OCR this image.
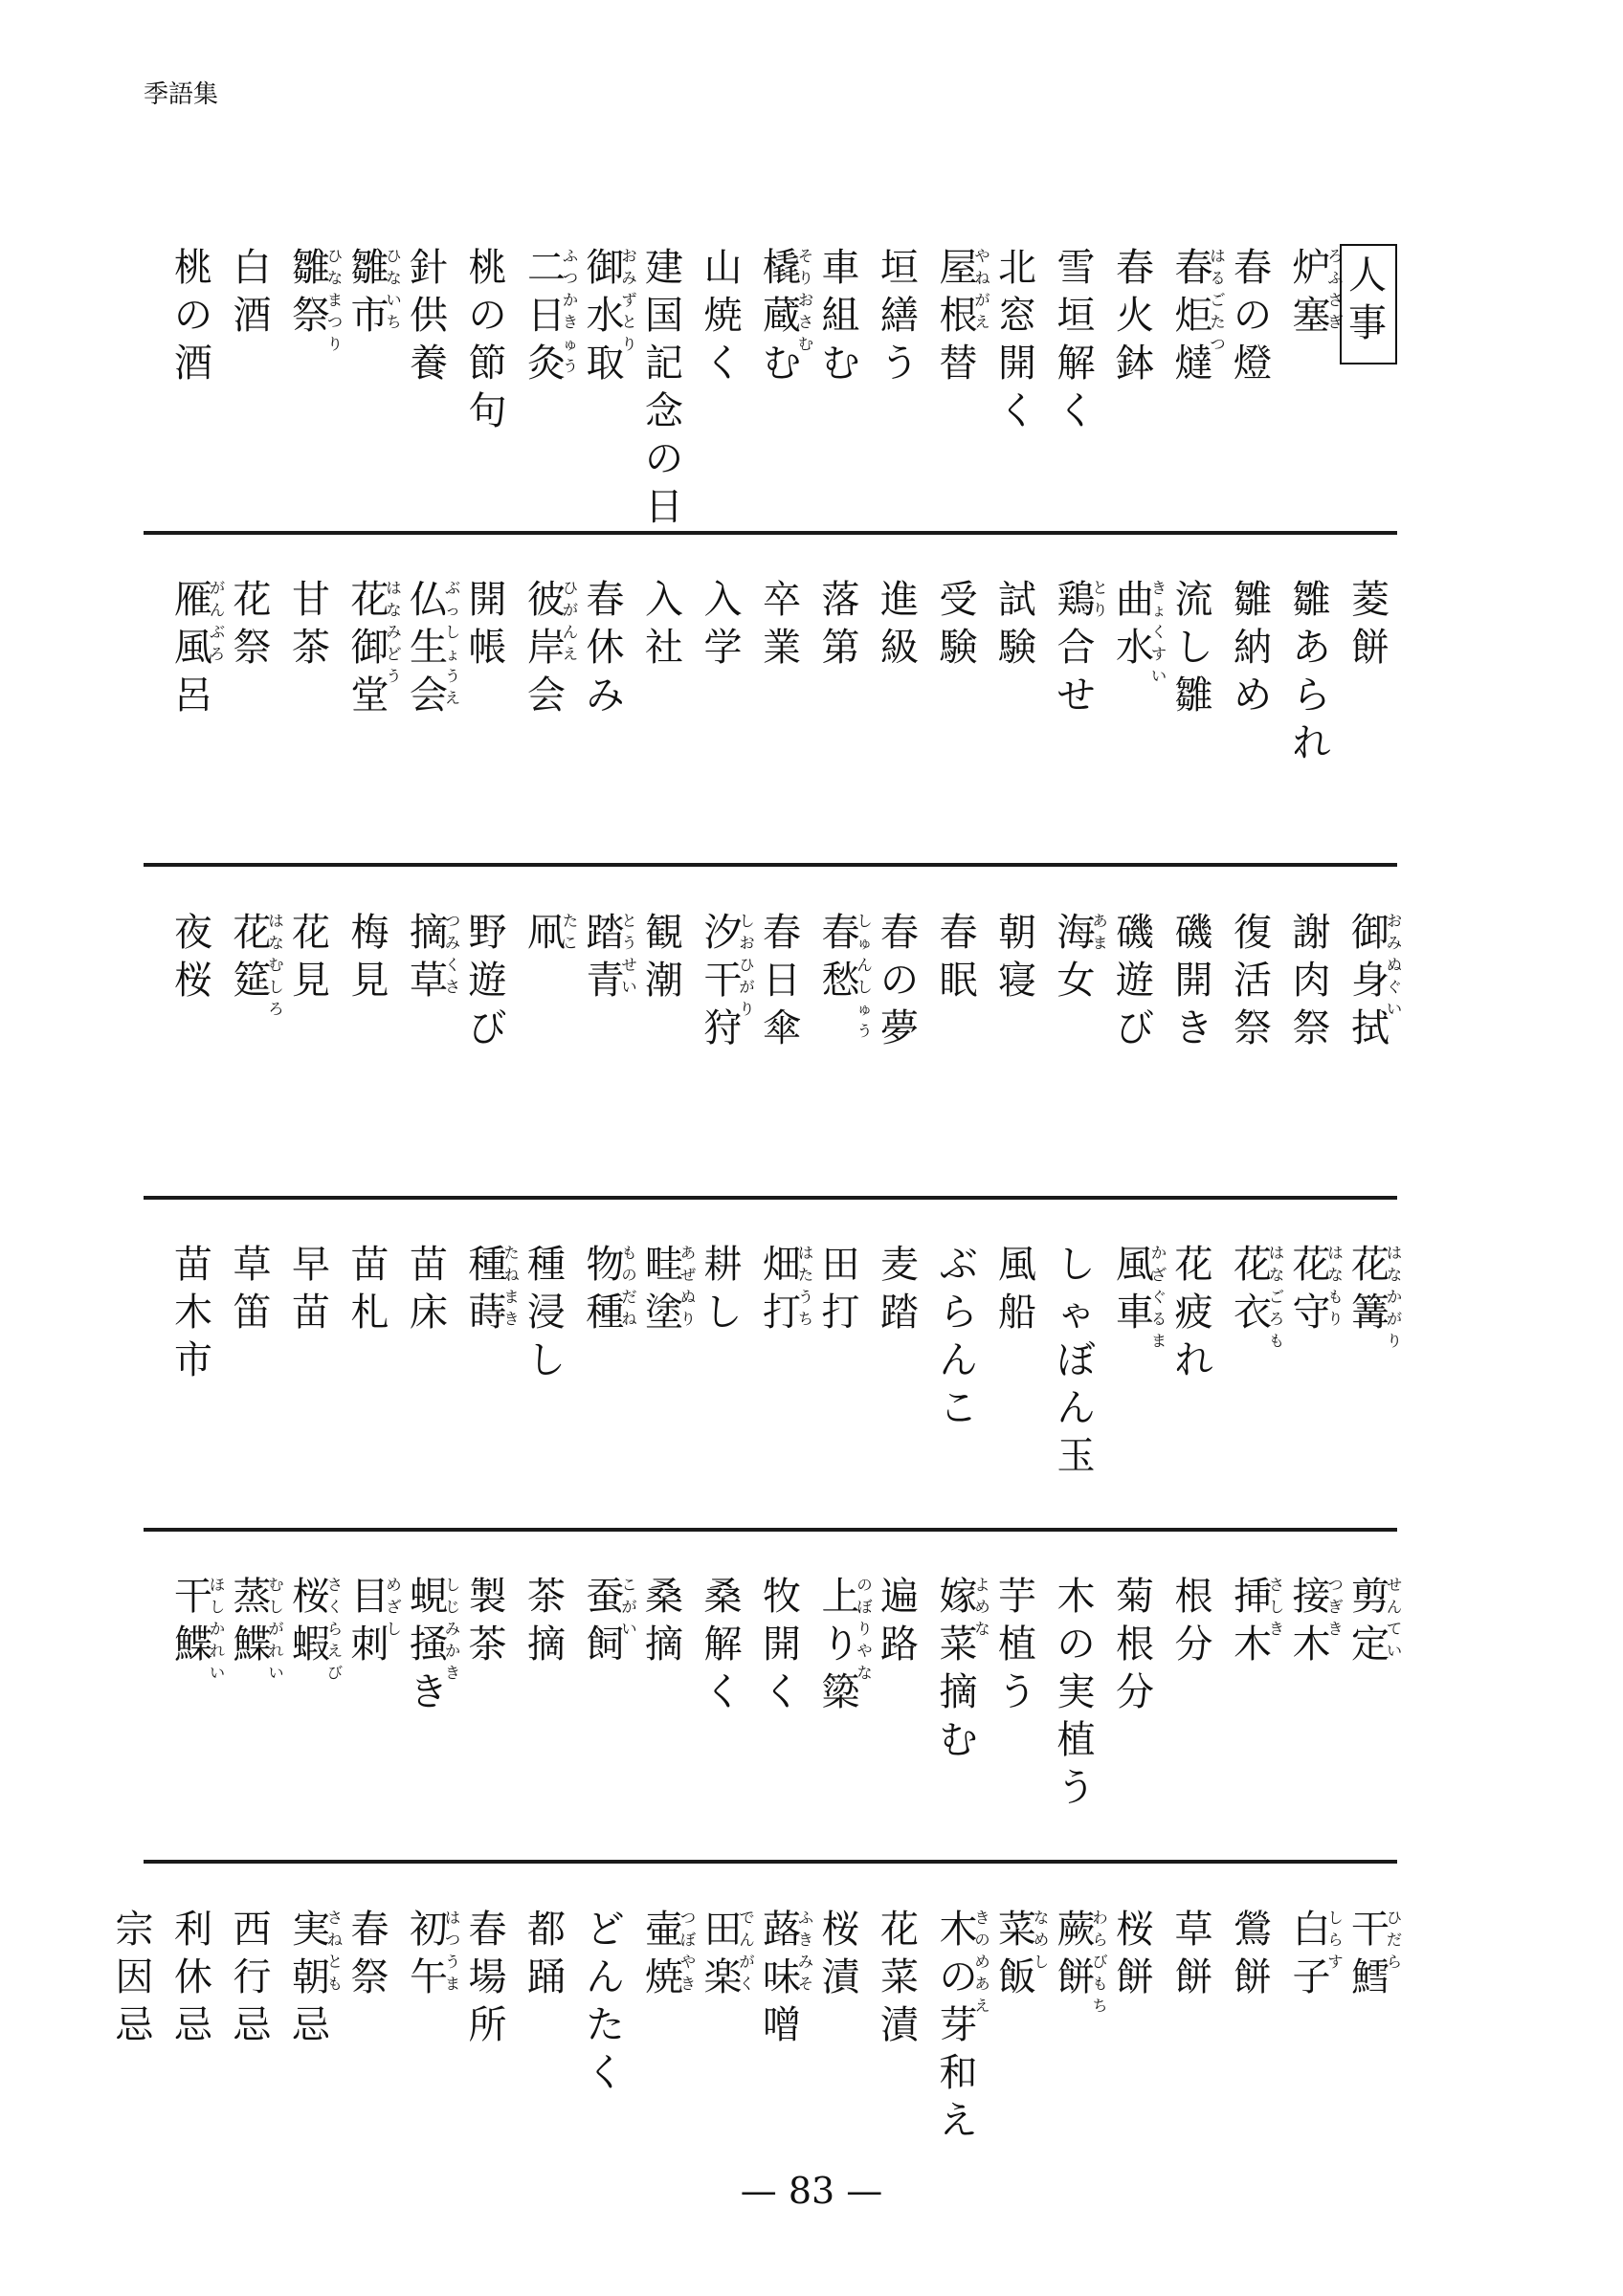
季語集
人
事
炉
塞
ろふさぎ
春
の
燈
春
炬
燵
はるごたつ
春
火
鉢
雪
垣
解
く
北
窓
開
く
屋
根
替
やねがえ
垣
繕
う
車
組
む
橇
蔵
む
そりおさむ
山
焼
く
建
国
記
念
の
日
御
水
取
おみずとり
二
日
灸
ふつかきゅう
桃
の
節
句
針
供
養
雛
市
ひないち
雛
祭
ひなまつり
白
酒
桃
の
酒
菱
餅
雛
あ
ら
れ
雛
納
め
流
し
雛
曲
水
きょくすい
鶏
合
せ
とり
試
験
受
験
進
級
落
第
卒
業
入
学
入
社
春
休
み
彼
岸
会
ひがんえ
開
帳
仏
生
会
ぶっしょうえ
花
御
堂
はなみどう
甘
茶
花
祭
雁
風
呂
がんぶろ
御
身
拭
おみぬぐい
謝
肉
祭
復
活
祭
磯
開
き
磯
遊
び
海
女
あま
朝
寝
春
眠
春
の
夢
春
愁
しゅんしゅう
春
日
傘
汐
干
狩
しおひがり
観
潮
踏
青
とうせい
凧
たこ
野
遊
び
摘
草
つみくさ
梅
見
花
見
花
筵
はなむしろ
夜
桜
花
篝
はなかがり
花
守
はなもり
花
衣
はなごろも
花
疲
れ
風
車
かざぐるま
し
ゃ
ぼ
ん
玉
風
船
ぶ
ら
ん
こ
麦
踏
田
打
畑
打
はたうち
耕
し
畦
塗
あぜぬり
物
種
ものだね
種
浸
し
種
蒔
たねまき
苗
床
苗
札
早
苗
草
笛
苗
木
市
剪
定
せんてい
接
木
つぎき
挿
木
さしき
根
分
菊
根
分
木
の
実
植
う
芋
植
う
嫁
菜
摘
む
よめな
遍
路
上
り
簗
のぼりやな
牧
開
く
桑
解
く
桑
摘
蚕
飼
こがい
茶
摘
製
茶
蜆
掻
き
しじみかき
目
刺
めざし
桜
蝦
さくらえび
蒸
鰈
むしがれい
干
鰈
ほしかれい
干
鱈
ひだら
白
子
しらす
鶯
餅
草
餅
桜
餅
蕨
餅
わらびもち
菜
飯
なめし
木
の
芽
和
え
きのめあえ
花
菜
漬
桜
漬
蕗
味
噌
ふきみそ
田
楽
でんがく
壷
焼
つぼやき
ど
ん
た
く
都
踊
春
場
所
初
午
はつうま
春
祭
実
朝
忌
さねとも
西
行
忌
利
休
忌
宗
因
忌
— 83 —
